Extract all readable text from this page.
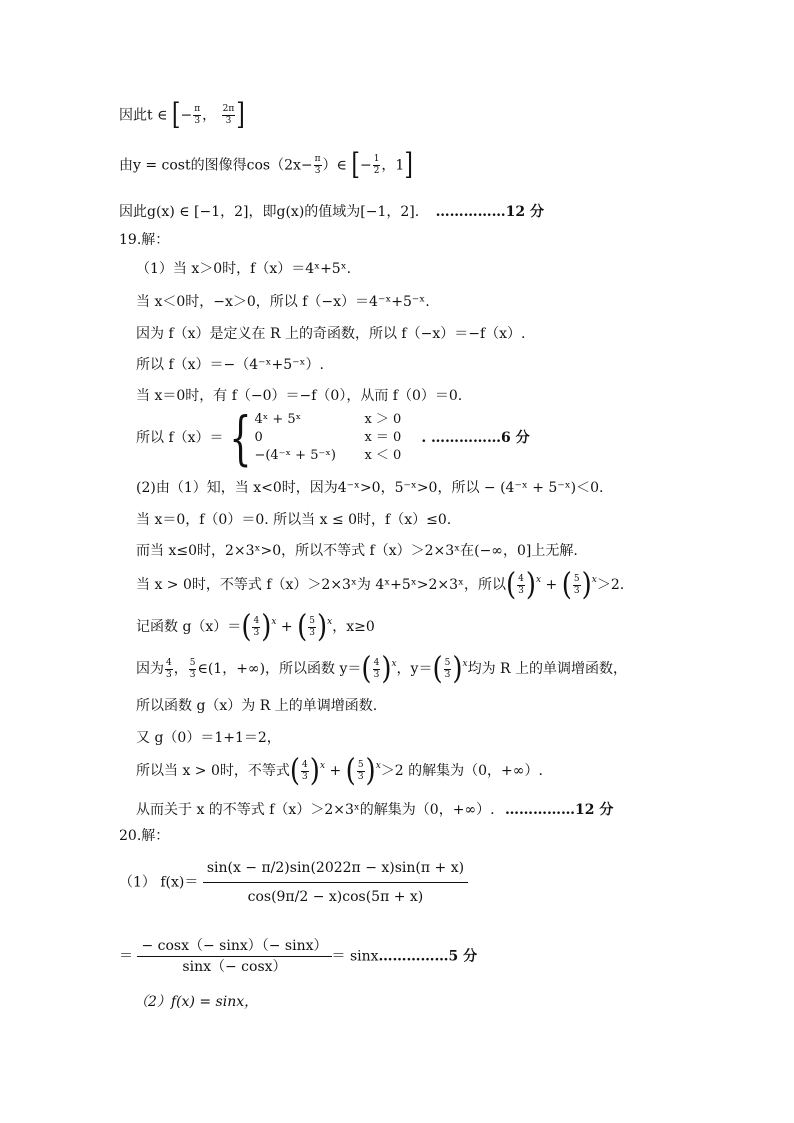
因此t ∈ [− $\frac{\pi}{3}$ ， $\frac{2\pi}{3}$ ]
由y = cost的图像得$\cos(2x- \frac{\pi}{3}$ ）∈ [− $\frac{1}{2}$ ，1]
因此g(x) ∈ [−1，2]，即g(x)的值域为[−1，2]. ……………12 分
19.解：
（1）当 x＞0时，f（x）＝4ˣ+5ˣ.
当 x＜0时，−x＞0，所以 f（−x）＝4⁻ˣ+5⁻ˣ.
因为 f（x）是定义在 R 上的奇函数，所以 f（−x）＝−f（x）.
所以 f（x）＝−（4⁻ˣ+5⁻ˣ）.
当 x＝0时，有 f（−0）＝−f（0），从而 f（0）＝0.
所以 f（x）＝{ 4ˣ + 5ˣ	x ＞ 0
0	x ＝ 0
−(4⁻ˣ + 5⁻ˣ) x ＜ 0
. ……………6 分
(2)由（1）知，当 x<0时，因为4⁻ˣ>0，5⁻ˣ>0，所以 − (4⁻ˣ + 5⁻ˣ)＜0.
当 x＝0，f（0）＝0. 所以当 x ≤ 0时，f（x）≤0.
而当 x≤0时，2×3ˣ>0，所以不等式 f（x）＞2×3ˣ在(−∞，0]上无解.
当 x > 0时，不等式 f（x）＞2×3ˣ为 4ˣ+5ˣ>2×3ˣ，所以( $\frac{4}{3} )^x$ + ( $\frac{5}{3} )^x>2$.
记函数 $g(x)=( \frac{4}{3} )^x$ + ( $\frac{5}{3} )^x$，x≥0
因为 $\frac{4}{3}$ ， $\frac{5}{3}$ ∈(1，+∞)，所以函数 $y=( \frac{4}{3} )^x$，$y=( \frac{5}{3} )^x$均为 R 上的单调增函数，
所以函数 g（x）为 R 上的单调增函数.
又 g（0）＝1+1＝2，
所以当 x > 0时，不等式( $\frac{4}{3} )^x$ + ( $\frac{5}{3} )^x>2$ 的解集为（0，+∞）.
从而关于 x 的不等式 f（x）＞2×3ˣ的解集为（0，+∞）. ……………12 分
20.解：
（1） $f(x)= \frac{\sin(x - \pi/2)\sin(2022\pi - x)\sin(\pi + x)}{\cos(9\pi/2 - x)\cos(5\pi + x)}$
＝ $\frac{- \cos x(- \sin x)(- \sin x)}{\sin x(- \cos x)}$ ＝ sinx……………5 分
（2）f(x) = sinx，
